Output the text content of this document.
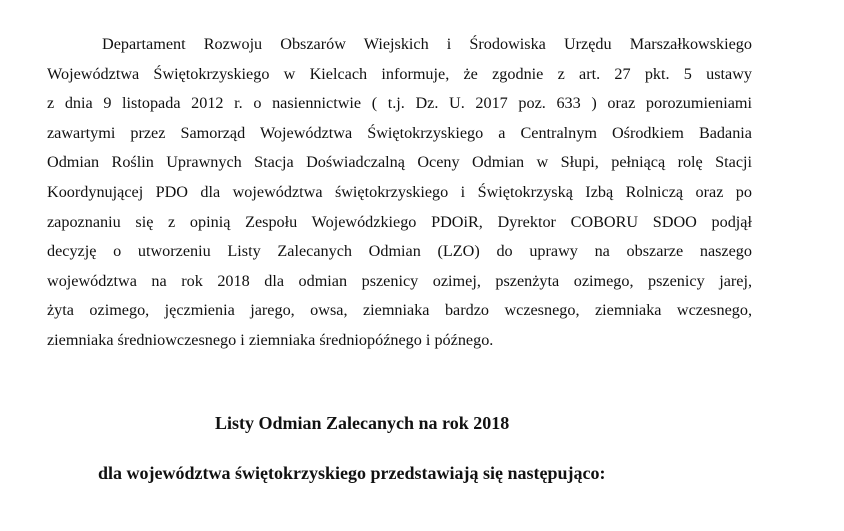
Departament Rozwoju Obszarów Wiejskich i Środowiska Urzędu Marszałkowskiego
Województwa Świętokrzyskiego w Kielcach informuje, że zgodnie z art. 27 pkt. 5 ustawy
z dnia 9 listopada 2012 r. o nasiennictwie ( t.j. Dz. U. 2017 poz. 633 ) oraz porozumieniami
zawartymi przez Samorząd Województwa Świętokrzyskiego a Centralnym Ośrodkiem Badania
Odmian Roślin Uprawnych Stacja Doświadczalną Oceny Odmian w Słupi, pełniącą rolę Stacji
Koordynującej PDO dla województwa świętokrzyskiego i Świętokrzyską Izbą Rolniczą oraz po
zapoznaniu się z opinią Zespołu Wojewódzkiego PDOiR, Dyrektor COBORU SDOO podjął
decyzję o utworzeniu Listy Zalecanych Odmian (LZO) do uprawy na obszarze naszego
województwa na rok 2018 dla odmian pszenicy ozimej, pszenżyta ozimego, pszenicy jarej,
żyta ozimego, jęczmienia jarego, owsa, ziemniaka bardzo wczesnego, ziemniaka wczesnego,
ziemniaka średniowczesnego i ziemniaka średniopóźnego i późnego.
Listy Odmian Zalecanych na rok 2018
dla województwa świętokrzyskiego przedstawiają się następująco:
